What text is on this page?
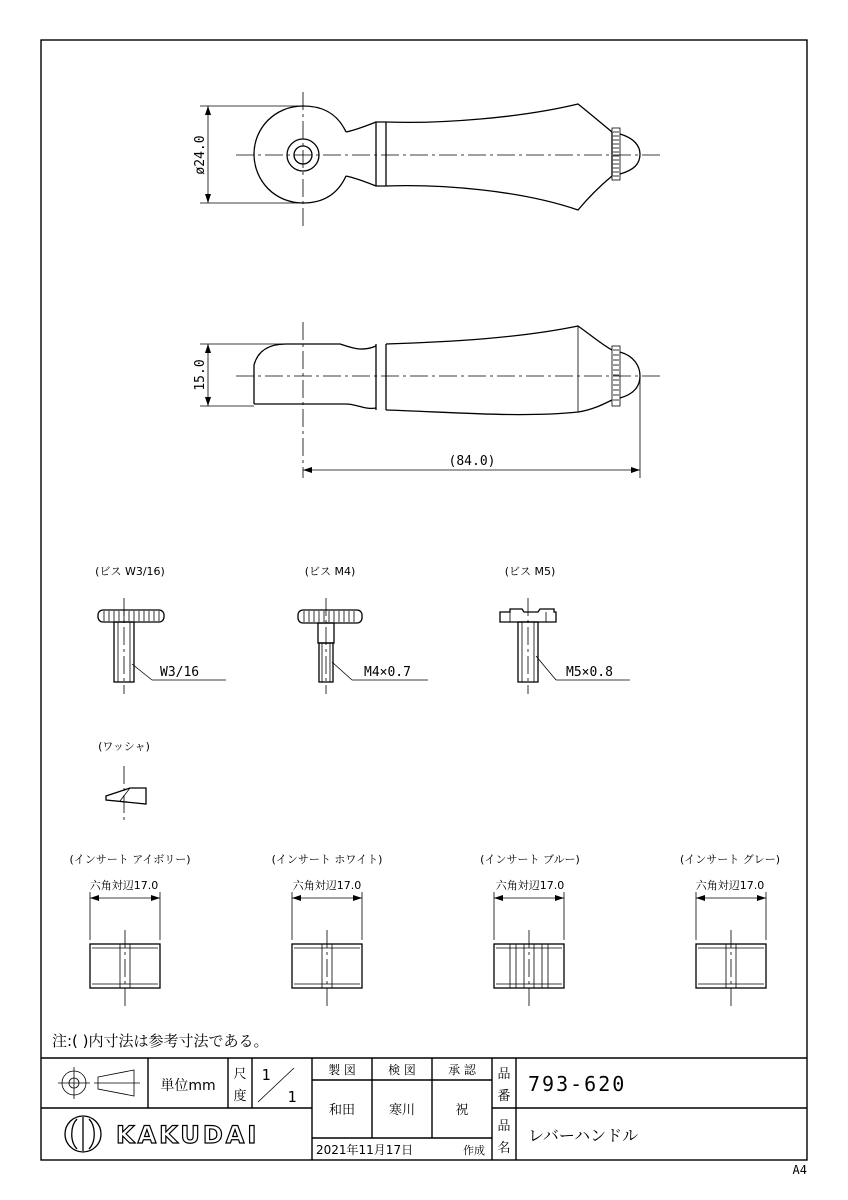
ø24.0
15.0
(84.0)
(ビス W3/16)
W3/16
(ビス M4)
M4×0.7
(ビス M5)
M5×0.8
(ワッシャ)
(インサート アイボリー)
六角対辺17.0
(インサート ホワイト)
六角対辺17.0
(インサート ブルー)
六角対辺17.0
(インサート グレー)
六角対辺17.0
注:( )内寸法は参考寸法である。
単位mm
尺
度
1
1
製 図	検 図	承 認
和田	寒川	祝
2021年11月17日	作成
品
番
品
名
793-620
レバーハンドル
KAKUDAI
A4
